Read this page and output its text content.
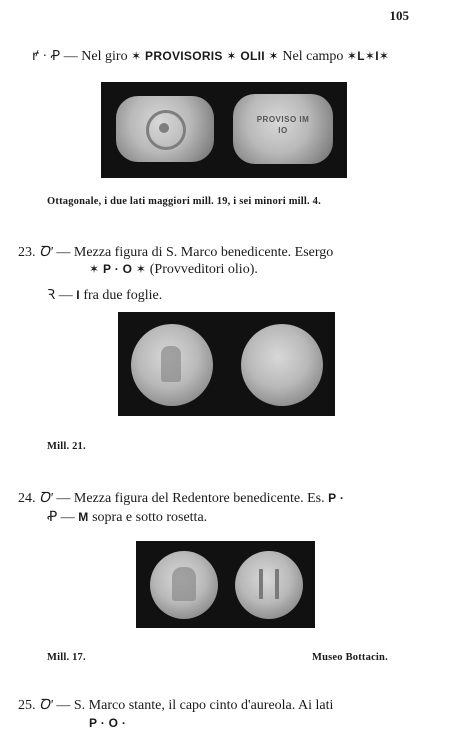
105
ꝵ · Ꝓ — Nel giro ✶ PROVISORIS ✶ OLII ✶ Nel campo ✶L✶I✶
PROVISO IM IO
Ottagonale, i due lati maggiori mill. 19, i sei minori mill. 4.
23. Ꝺ' — Mezza figura di S. Marco benedicente. Esergo
✶ P · O ✶ (Provveditori olio).
Ꝛ — I fra due foglie.
Mill. 21.
24. Ꝺ' — Mezza figura del Redentore benedicente. Es. P ·
Ꝓ — M sopra e sotto rosetta.
Mill. 17.	Museo Bottacin.
25. Ꝺ' — S. Marco stante, il capo cinto d'aureola. Ai lati
P · O ·
